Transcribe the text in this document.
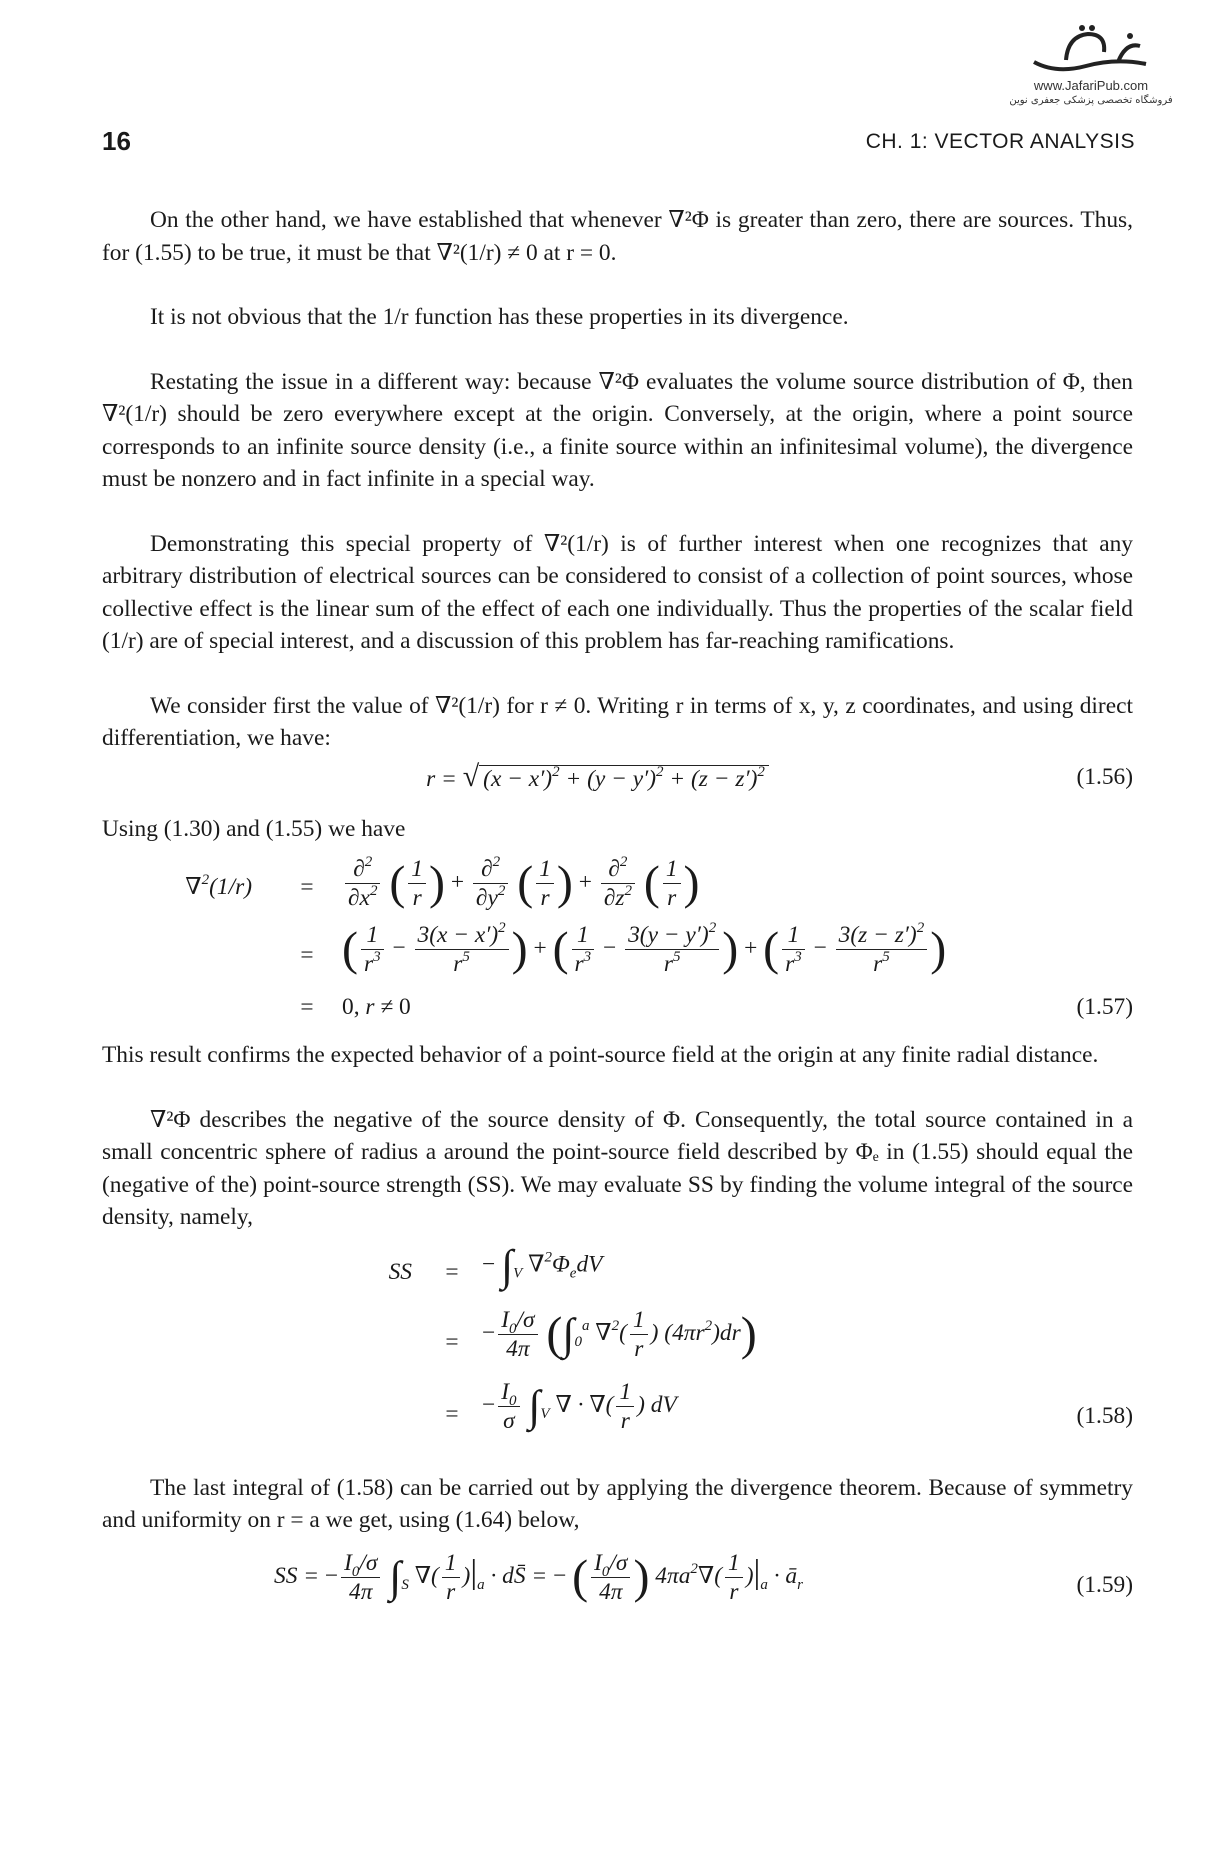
www.JafariPub.com
فروشگاه تخصصی پزشکی جعفری نوین
16	CH. 1: VECTOR ANALYSIS

On the other hand, we have established that whenever ∇²Φ is greater than zero, there are sources. Thus, for (1.55) to be true, it must be that ∇²(1/r) ≠ 0 at r = 0.

It is not obvious that the 1/r function has these properties in its divergence.

Restating the issue in a different way: because ∇²Φ evaluates the volume source distribution of Φ, then ∇²(1/r) should be zero everywhere except at the origin. Conversely, at the origin, where a point source corresponds to an infinite source density (i.e., a finite source within an infinitesimal volume), the divergence must be nonzero and in fact infinite in a special way.

Demonstrating this special property of ∇²(1/r) is of further interest when one recognizes that any arbitrary distribution of electrical sources can be considered to consist of a collection of point sources, whose collective effect is the linear sum of the effect of each one individually. Thus the properties of the scalar field (1/r) are of special interest, and a discussion of this problem has far-reaching ramifications.

We consider first the value of ∇²(1/r) for r ≠ 0. Writing r in terms of x, y, z coordinates, and using direct differentiation, we have:

r = √ $(x - x')^2 + (y - y')^2 + (z - z')^2$	(1.56)

Using (1.30) and (1.55) we have

∇$^2$(1/r)	=	$\frac{\partial^2}{\partial x^2}$ ( $\frac{1}{r}$ ) + $\frac{\partial^2}{\partial y^2}$ ( $\frac{1}{r}$ ) + $\frac{\partial^2}{\partial z^2}$ ( $\frac{1}{r}$ )
= ( $\frac{1}{r^3} - \frac{3(x - x')^2}{r^5}$ ) + ( $\frac{1}{r^3} - \frac{3(y - y')^2}{r^5}$ ) + ( $\frac{1}{r^3} - \frac{3(z - z')^2}{r^5}$ )
=	0, r ≠ 0	(1.57)

This result confirms the expected behavior of a point-source field at the origin at any finite radial distance.

∇²Φ describes the negative of the source density of Φ. Consequently, the total source contained in a small concentric sphere of radius a around the point-source field described by Φₑ in (1.55) should equal the (negative of the) point-source strength (SS). We may evaluate SS by finding the volume integral of the source density, namely,

SS	=	− $\int_V$ $\nabla^2\Phi_edV$
=	− $\frac{I_0/\sigma}{4\pi} (\int_0^a$ $\nabla^2( \frac{1}{r}$ ) $(4\pi r^2)dr$)
=	− $\frac{I_0}{\sigma} \int_V$ ∇ · ∇( $\frac{1}{r}$ ) dV	(1.58)

The last integral of (1.58) can be carried out by applying the divergence theorem. Because of symmetry and uniformity on r = a we get, using (1.64) below,

SS = − $\frac{I_0/\sigma}{4\pi} \int_S$ ∇( $\frac{1}{r} )|_a$ · dS̄ = − ( $\frac{I_0/\sigma}{4\pi}$ ) $4\pi a^2\nabla( \frac{1}{r} )|_a$ · $ā_r$	(1.59)
